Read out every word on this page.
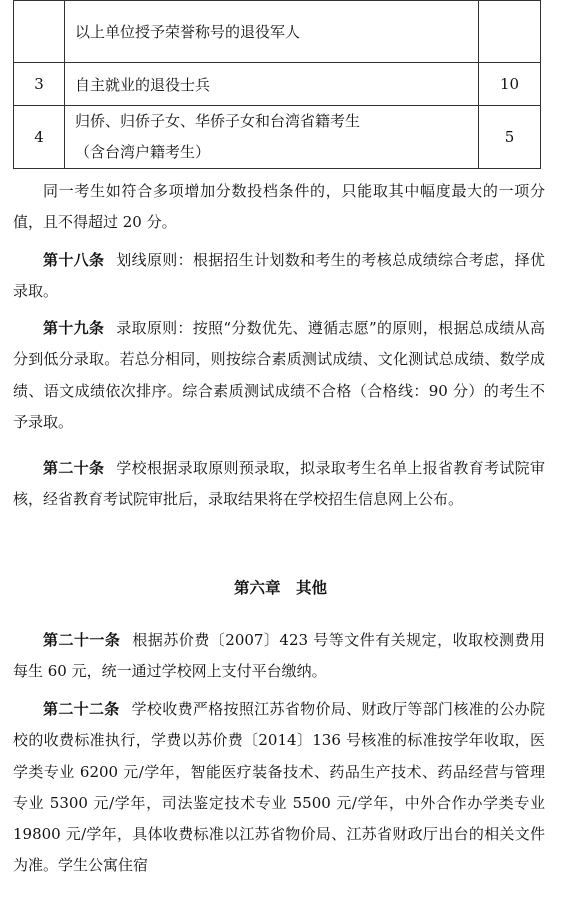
	以上单位授予荣誉称号的退役军人	
3	自主就业的退役士兵	10
4	归侨、归侨子女、华侨子女和台湾省籍考生
（含台湾户籍考生）	5

同一考生如符合多项增加分数投档条件的，只能取其中幅度最大的一项分值，且不得超过 20 分。

第十八条 划线原则：根据招生计划数和考生的考核总成绩综合考虑，择优录取。

第十九条 录取原则：按照“分数优先、遵循志愿”的原则，根据总成绩从高分到低分录取。若总分相同，则按综合素质测试成绩、文化测试总成绩、数学成绩、语文成绩依次排序。综合素质测试成绩不合格（合格线：90 分）的考生不予录取。

第二十条 学校根据录取原则预录取，拟录取考生名单上报省教育考试院审核，经省教育考试院审批后，录取结果将在学校招生信息网上公布。

第六章　其他

第二十一条 根据苏价费〔2007〕423 号等文件有关规定，收取校测费用每生 60 元，统一通过学校网上支付平台缴纳。

第二十二条 学校收费严格按照江苏省物价局、财政厅等部门核准的公办院校的收费标准执行，学费以苏价费〔2014〕136 号核准的标准按学年收取，医学类专业 6200 元/学年，智能医疗装备技术、药品生产技术、药品经营与管理专业 5300 元/学年，司法鉴定技术专业 5500 元/学年，中外合作办学类专业 19800 元/学年，具体收费标准以江苏省物价局、江苏省财政厅出台的相关文件为准。学生公寓住宿
